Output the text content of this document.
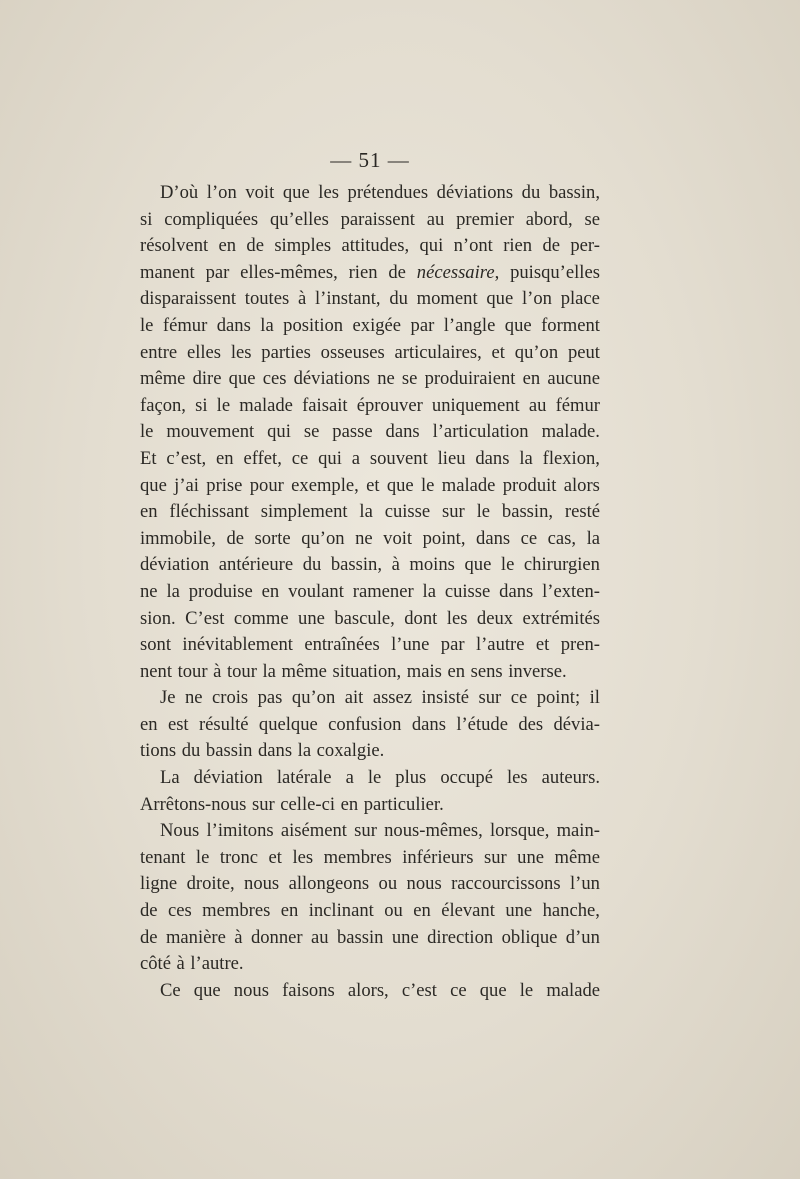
— 51 —
D’où l’on voit que les prétendues déviations du bassin,
si compliquées qu’elles paraissent au premier abord, se
résolvent en de simples attitudes, qui n’ont rien de per-
manent par elles-mêmes, rien de nécessaire, puisqu’elles
disparaissent toutes à l’instant, du moment que l’on place
le fémur dans la position exigée par l’angle que forment
entre elles les parties osseuses articulaires, et qu’on peut
même dire que ces déviations ne se produiraient en aucune
façon, si le malade faisait éprouver uniquement au fémur
le mouvement qui se passe dans l’articulation malade.
Et c’est, en effet, ce qui a souvent lieu dans la flexion,
que j’ai prise pour exemple, et que le malade produit alors
en fléchissant simplement la cuisse sur le bassin, resté
immobile, de sorte qu’on ne voit point, dans ce cas, la
déviation antérieure du bassin, à moins que le chirurgien
ne la produise en voulant ramener la cuisse dans l’exten-
sion. C’est comme une bascule, dont les deux extrémités
sont inévitablement entraînées l’une par l’autre et pren-
nent tour à tour la même situation, mais en sens inverse.
Je ne crois pas qu’on ait assez insisté sur ce point; il
en est résulté quelque confusion dans l’étude des dévia-
tions du bassin dans la coxalgie.
La déviation latérale a le plus occupé les auteurs.
Arrêtons-nous sur celle-ci en particulier.
Nous l’imitons aisément sur nous-mêmes, lorsque, main-
tenant le tronc et les membres inférieurs sur une même
ligne droite, nous allongeons ou nous raccourcissons l’un
de ces membres en inclinant ou en élevant une hanche,
de manière à donner au bassin une direction oblique d’un
côté à l’autre.
Ce que nous faisons alors, c’est ce que le malade
